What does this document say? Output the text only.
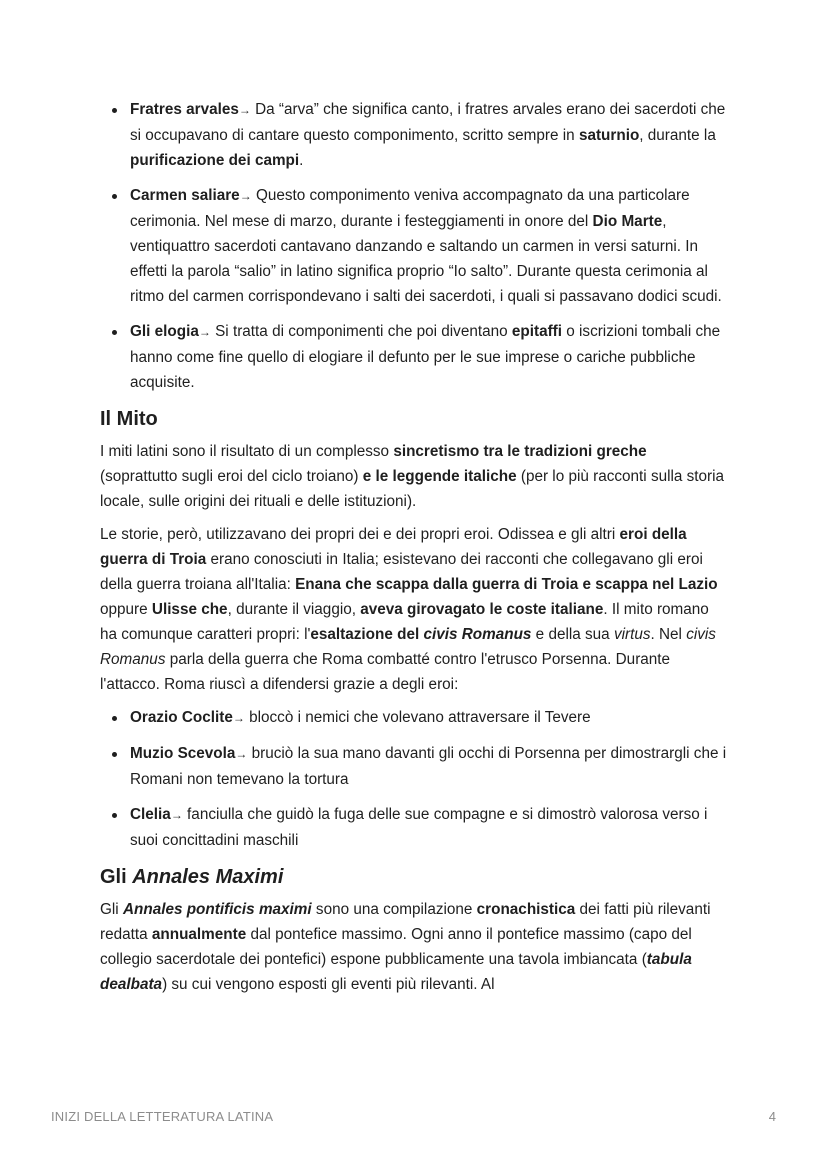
Fratres arvales→ Da “arva” che significa canto, i fratres arvales erano dei sacerdoti che si occupavano di cantare questo componimento, scritto sempre in saturnio, durante la purificazione dei campi.
Carmen saliare→ Questo componimento veniva accompagnato da una particolare cerimonia. Nel mese di marzo, durante i festeggiamenti in onore del Dio Marte, ventiquattro sacerdoti cantavano danzando e saltando un carmen in versi saturni. In effetti la parola “salio” in latino significa proprio “Io salto”. Durante questa cerimonia al ritmo del carmen corrispondevano i salti dei sacerdoti, i quali si passavano dodici scudi.
Gli elogia→ Si tratta di componimenti che poi diventano epitaffi o iscrizioni tombali che hanno come fine quello di elogiare il defunto per le sue imprese o cariche pubbliche acquisite.
Il Mito

I miti latini sono il risultato di un complesso sincretismo tra le tradizioni greche (soprattutto sugli eroi del ciclo troiano) e le leggende italiche (per lo più racconti sulla storia locale, sulle origini dei rituali e delle istituzioni).

Le storie, però, utilizzavano dei propri dei e dei propri eroi. Odissea e gli altri eroi della guerra di Troia erano conosciuti in Italia; esistevano dei racconti che collegavano gli eroi della guerra troiana all'Italia: Enana che scappa dalla guerra di Troia e scappa nel Lazio oppure Ulisse che, durante il viaggio, aveva girovagato le coste italiane. Il mito romano ha comunque caratteri propri: l'esaltazione del civis Romanus e della sua virtus. Nel civis Romanus parla della guerra che Roma combatté contro l'etrusco Porsenna. Durante l'attacco. Roma riuscì a difendersi grazie a degli eroi:

Orazio Coclite→ bloccò i nemici che volevano attraversare il Tevere
Muzio Scevola→ bruciò la sua mano davanti gli occhi di Porsenna per dimostrargli che i Romani non temevano la tortura
Clelia→ fanciulla che guidò la fuga delle sue compagne e si dimostrò valorosa verso i suoi concittadini maschili
Gli Annales Maximi

Gli Annales pontificis maximi sono una compilazione cronachistica dei fatti più rilevanti redatta annualmente dal pontefice massimo. Ogni anno il pontefice massimo (capo del collegio sacerdotale dei pontefici) espone pubblicamente una tavola imbiancata (tabula dealbata) su cui vengono esposti gli eventi più rilevanti. Al

INIZI DELLA LETTERATURA LATINA	4
